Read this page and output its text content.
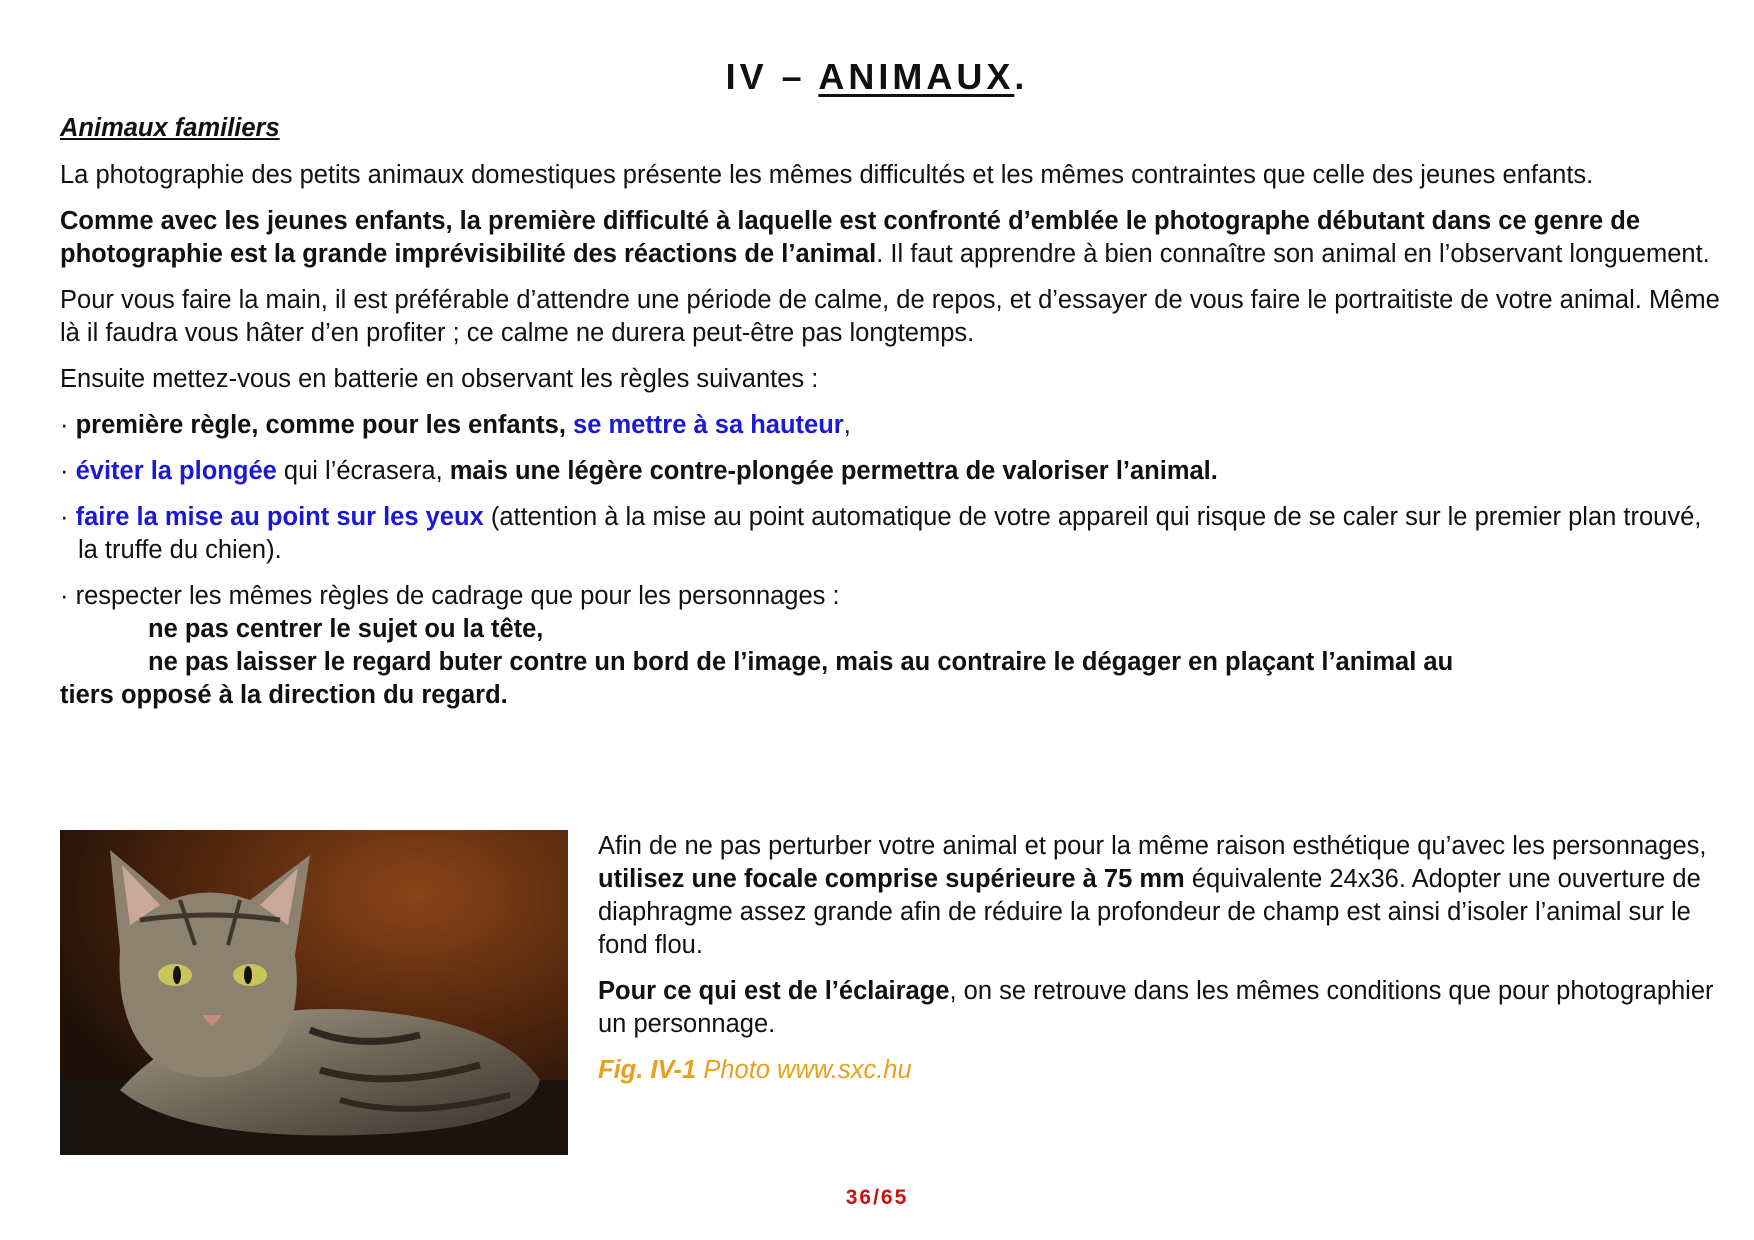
IV – ANIMAUX.

Animaux familiers

La photographie des petits animaux domestiques présente les mêmes difficultés et les mêmes contraintes que celle des jeunes enfants.

Comme avec les jeunes enfants, la première difficulté à laquelle est confronté d’emblée le photographe débutant dans ce genre de photographie est la grande imprévisibilité des réactions de l’animal. Il faut apprendre à bien connaître son animal en l’observant longuement.

Pour vous faire la main, il est préférable d’attendre une période de calme, de repos, et d’essayer de vous faire le portraitiste de votre animal. Même là il faudra vous hâter d’en profiter ; ce calme ne durera peut-être pas longtemps.

Ensuite mettez-vous en batterie en observant les règles suivantes :

· première règle, comme pour les enfants, se mettre à sa hauteur,

· éviter la plongée qui l’écrasera, mais une légère contre-plongée permettra de valoriser l’animal.

· faire la mise au point sur les yeux (attention à la mise au point automatique de votre appareil qui risque de se caler sur le premier plan trouvé, la truffe du chien).

· respecter les mêmes règles de cadrage que pour les personnages :
ne pas centrer le sujet ou la tête,
ne pas laisser le regard buter contre un bord de l’image, mais au contraire le dégager en plaçant l’animal au
tiers opposé à la direction du regard.

Afin de ne pas perturber votre animal et pour la même raison esthétique qu’avec les personnages, utilisez une focale comprise supérieure à 75 mm équivalente 24x36. Adopter une ouverture de diaphragme assez grande afin de réduire la profondeur de champ est ainsi d’isoler l’animal sur le fond flou.

Pour ce qui est de l’éclairage, on se retrouve dans les mêmes conditions que pour photographier un personnage.

Fig. IV-1 Photo www.sxc.hu

36/65
